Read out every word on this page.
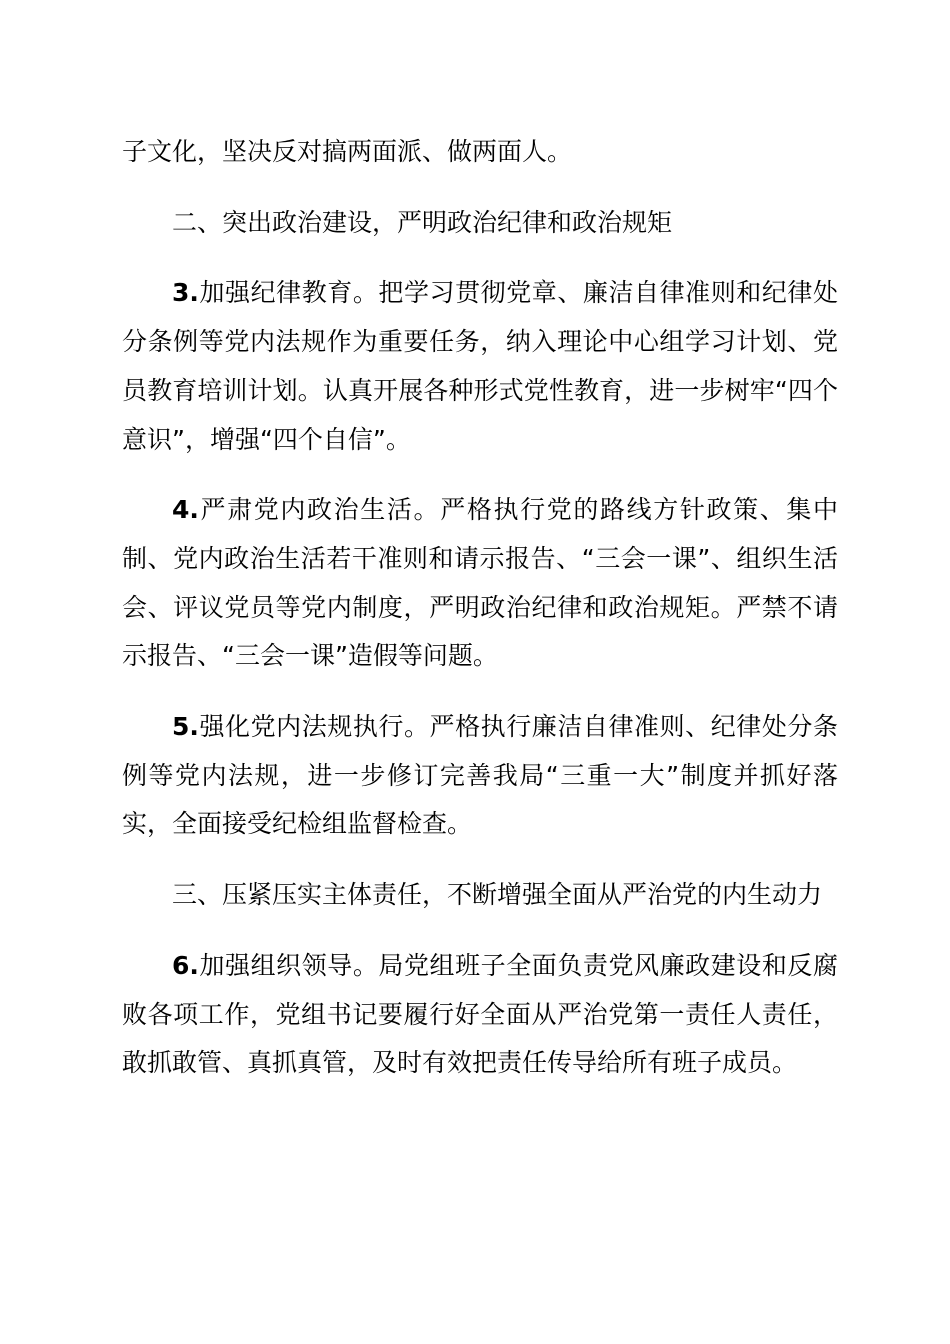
子文化，坚决反对搞两面派、做两面人。

二、突出政治建设，严明政治纪律和政治规矩

3.加强纪律教育。把学习贯彻党章、廉洁自律准则和纪律处分条例等党内法规作为重要任务，纳入理论中心组学习计划、党员教育培训计划。认真开展各种形式党性教育，进一步树牢“四个意识”，增强“四个自信”。

4.严肃党内政治生活。严格执行党的路线方针政策、集中制、党内政治生活若干准则和请示报告、“三会一课”、组织生活会、评议党员等党内制度，严明政治纪律和政治规矩。严禁不请示报告、“三会一课”造假等问题。

5.强化党内法规执行。严格执行廉洁自律准则、纪律处分条例等党内法规，进一步修订完善我局“三重一大”制度并抓好落实，全面接受纪检组监督检查。

三、压紧压实主体责任，不断增强全面从严治党的内生动力

6.加强组织领导。局党组班子全面负责党风廉政建设和反腐败各项工作，党组书记要履行好全面从严治党第一责任人责任，敢抓敢管、真抓真管，及时有效把责任传导给所有班子成员。
